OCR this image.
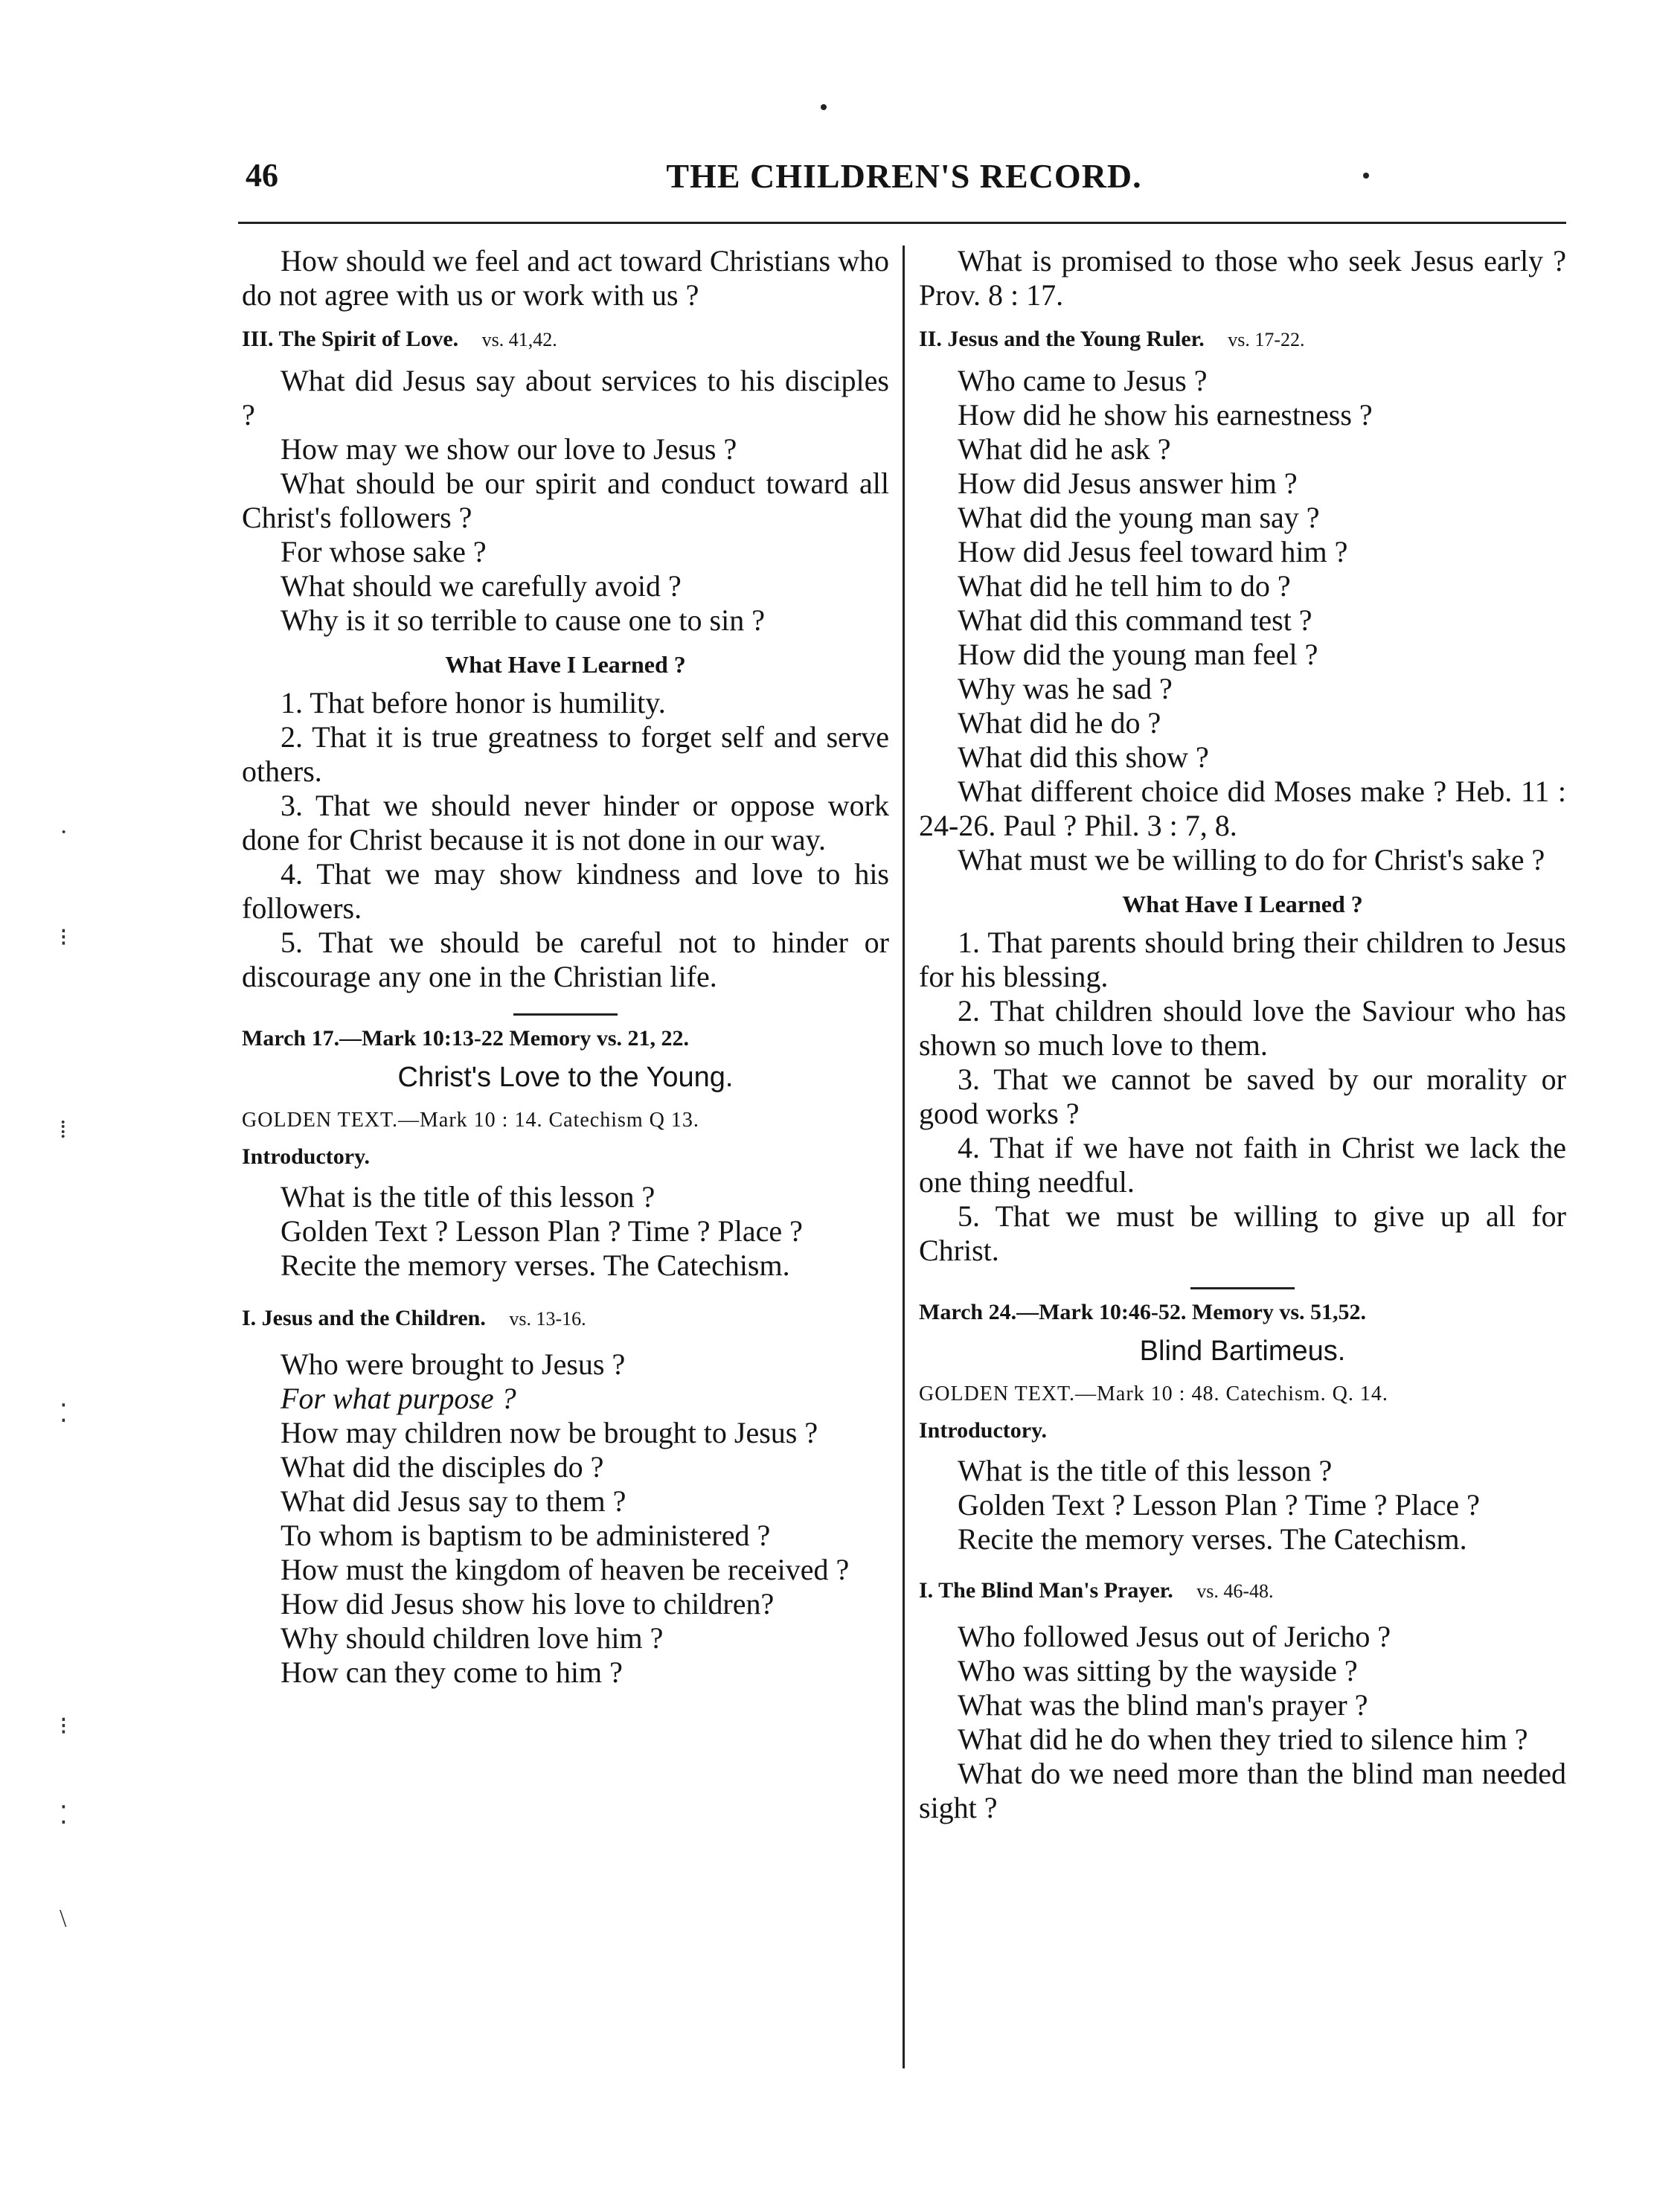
46	THE CHILDREN'S RECORD.
·
⁝
⁞
⁚
⁝
⁚
\

How should we feel and act toward Christians who do not agree with us or work with us ?

III. The Spirit of Love. vs. 41,42.

What did Jesus say about services to his disciples ?

How may we show our love to Jesus ?

What should be our spirit and conduct toward all Christ's followers ?

For whose sake ?

What should we carefully avoid ?

Why is it so terrible to cause one to sin ?

What Have I Learned ?

1. That before honor is humility.

2. That it is true greatness to forget self and serve others.

3. That we should never hinder or oppose work done for Christ because it is not done in our way.

4. That we may show kindness and love to his followers.

5. That we should be careful not to hinder or discourage any one in the Christian life.

March 17.—Mark 10:13-22 Memory vs. 21, 22.
Christ's Love to the Young.
GOLDEN TEXT.—Mark 10 : 14. Catechism Q 13.
Introductory.

What is the title of this lesson ?

Golden Text ? Lesson Plan ? Time ? Place ?

Recite the memory verses. The Catechism.

I. Jesus and the Children. vs. 13-16.

Who were brought to Jesus ?

For what purpose ?

How may children now be brought to Jesus ?

What did the disciples do ?

What did Jesus say to them ?

To whom is baptism to be administered ?

How must the kingdom of heaven be received ?

How did Jesus show his love to children?

Why should children love him ?

How can they come to him ?

What is promised to those who seek Jesus early ? Prov. 8 : 17.

II. Jesus and the Young Ruler. vs. 17-22.

Who came to Jesus ?

How did he show his earnestness ?

What did he ask ?

How did Jesus answer him ?

What did the young man say ?

How did Jesus feel toward him ?

What did he tell him to do ?

What did this command test ?

How did the young man feel ?

Why was he sad ?

What did he do ?

What did this show ?

What different choice did Moses make ? Heb. 11 : 24-26. Paul ? Phil. 3 : 7, 8.

What must we be willing to do for Christ's sake ?

What Have I Learned ?

1. That parents should bring their children to Jesus for his blessing.

2. That children should love the Saviour who has shown so much love to them.

3. That we cannot be saved by our morality or good works ?

4. That if we have not faith in Christ we lack the one thing needful.

5. That we must be willing to give up all for Christ.

March 24.—Mark 10:46-52. Memory vs. 51,52.
Blind Bartimeus.
GOLDEN TEXT.—Mark 10 : 48. Catechism. Q. 14.
Introductory.

What is the title of this lesson ?

Golden Text ? Lesson Plan ? Time ? Place ?

Recite the memory verses. The Catechism.

I. The Blind Man's Prayer. vs. 46-48.

Who followed Jesus out of Jericho ?

Who was sitting by the wayside ?

What was the blind man's prayer ?

What did he do when they tried to silence him ?

What do we need more than the blind man needed sight ?
